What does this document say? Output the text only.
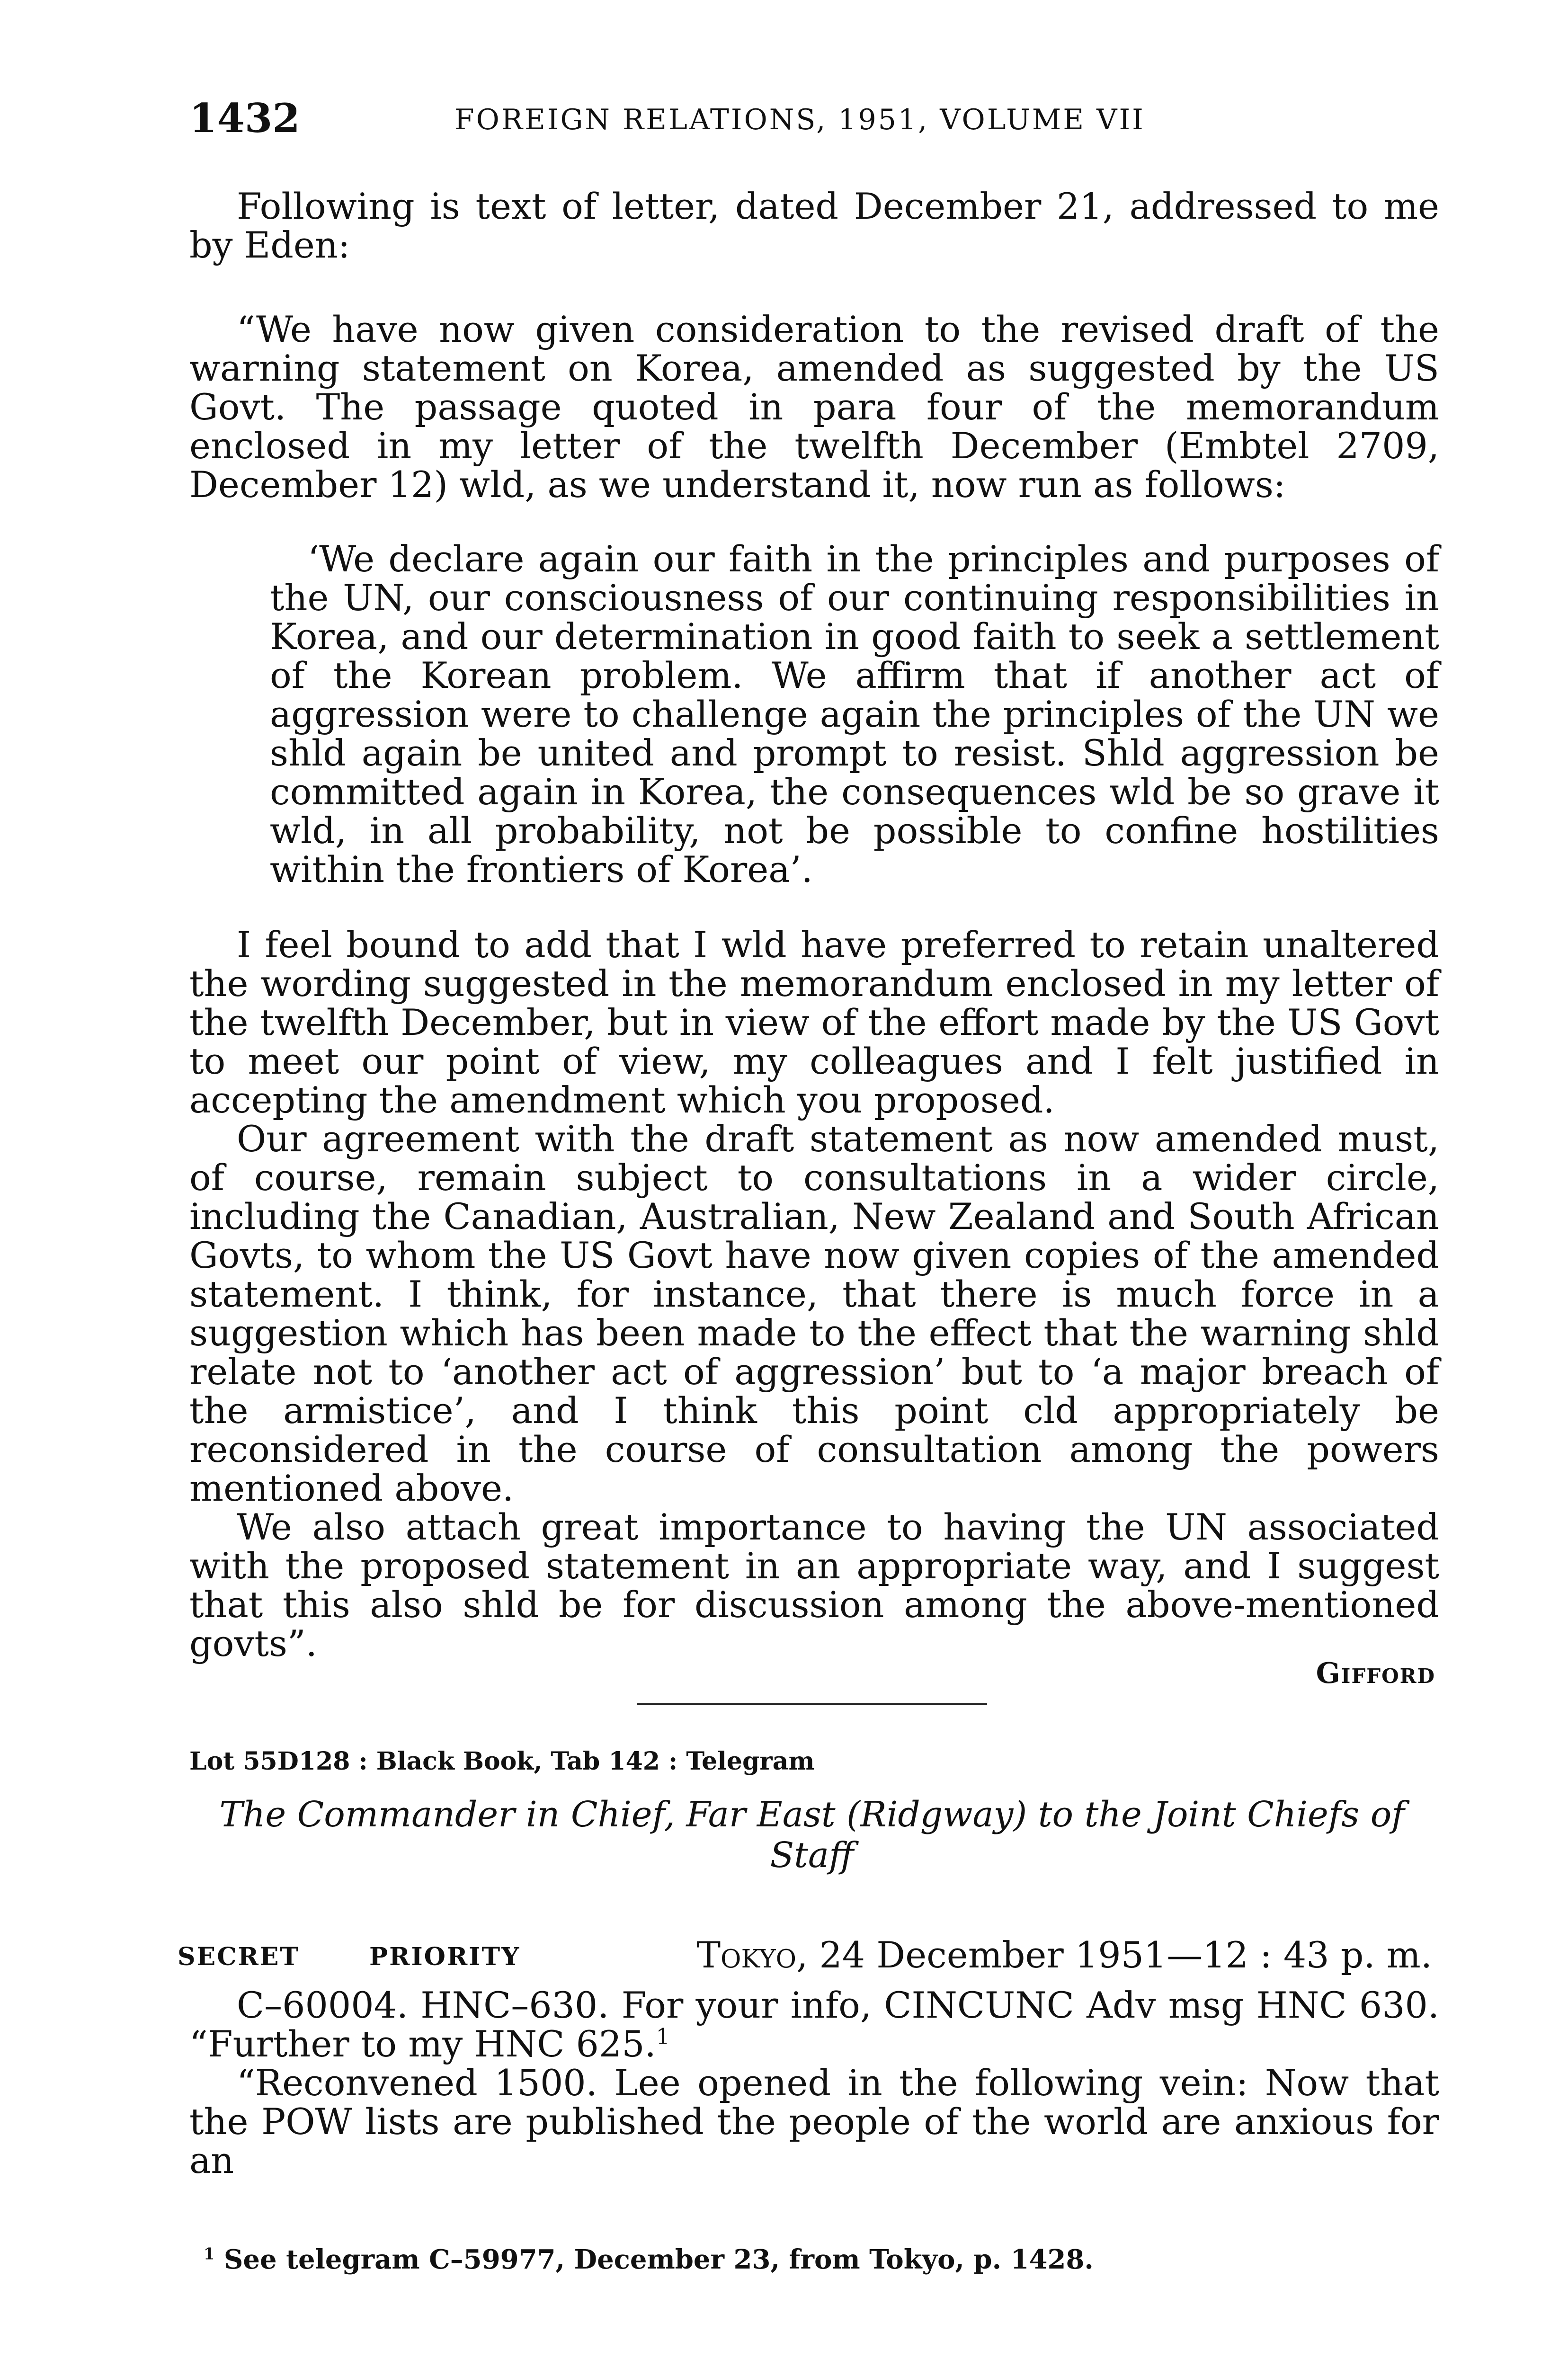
1432	FOREIGN RELATIONS, 1951, VOLUME VII

Following is text of letter, dated December 21, addressed to me by Eden:

“We have now given consideration to the revised draft of the warning statement on Korea, amended as suggested by the US Govt. The passage quoted in para four of the memorandum enclosed in my letter of the twelfth December (Embtel 2709, December 12) wld, as we understand it, now run as follows:

‘We declare again our faith in the principles and purposes of the UN, our consciousness of our continuing responsibilities in Korea, and our determination in good faith to seek a settlement of the Korean problem. We affirm that if another act of aggression were to challenge again the principles of the UN we shld again be united and prompt to resist. Shld aggression be committed again in Korea, the consequences wld be so grave it wld, in all probability, not be possible to confine hostilities within the frontiers of Korea’.

I feel bound to add that I wld have preferred to retain unaltered the wording suggested in the memorandum enclosed in my letter of the twelfth December, but in view of the effort made by the US Govt to meet our point of view, my colleagues and I felt justified in accepting the amendment which you proposed.

Our agreement with the draft statement as now amended must, of course, remain subject to consultations in a wider circle, including the Canadian, Australian, New Zealand and South African Govts, to whom the US Govt have now given copies of the amended statement. I think, for instance, that there is much force in a suggestion which has been made to the effect that the warning shld relate not to ‘another act of aggression’ but to ‘a major breach of the armistice’, and I think this point cld appropriately be reconsidered in the course of consultation among the powers mentioned above.

We also attach great importance to having the UN associated with the proposed statement in an appropriate way, and I suggest that this also shld be for discussion among the above-mentioned govts”.

Gifford
Lot 55D128 : Black Book, Tab 142 : Telegram
The Commander in Chief, Far East (Ridgway) to the Joint Chiefs of Staff
SECRET	PRIORITY	Tokyo, 24 December 1951—12 : 43 p. m.

C–60004. HNC–630. For your info, CINCUNC Adv msg HNC 630. “Further to my HNC 625.$^1$

“Reconvened 1500. Lee opened in the following vein: Now that the POW lists are published the people of the world are anxious for an

$^1$ See telegram C–59977, December 23, from Tokyo, p. 1428.
